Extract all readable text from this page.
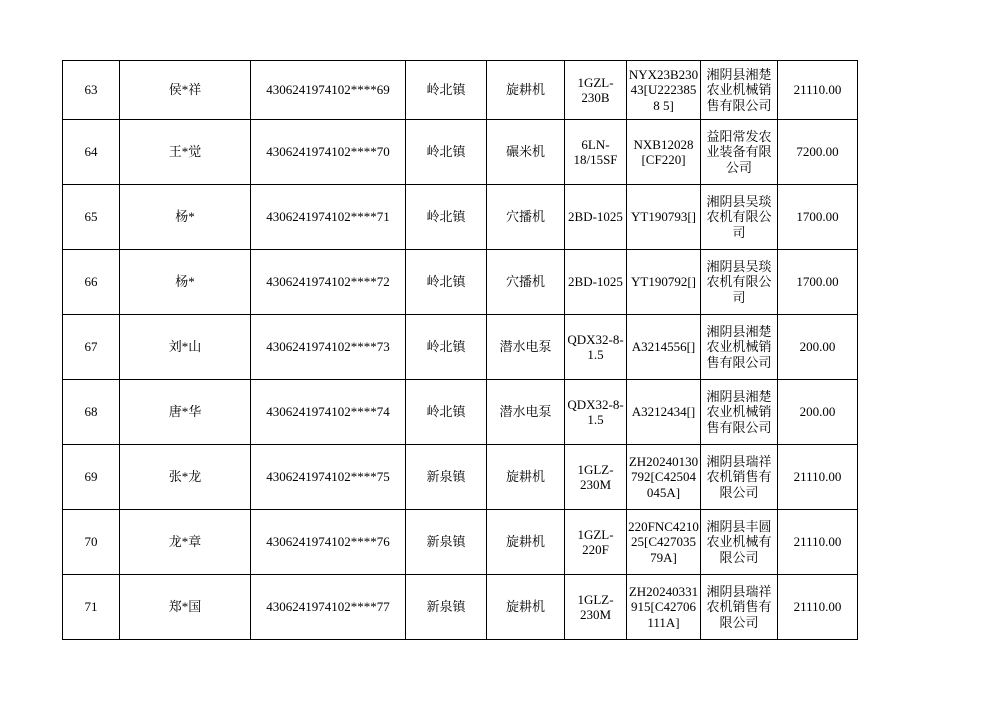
63	侯*祥	4306241974102****69	岭北镇	旋耕机	1GZL-230B	NYX23B23043[U2223858 5]	湘阴县湘楚农业机械销售有限公司	21110.00
64	王*觉	4306241974102****70	岭北镇	碾米机	6LN-18/15SF	NXB12028[CF220]	益阳常发农业装备有限公司	7200.00
65	杨*	4306241974102****71	岭北镇	穴播机	2BD-1025	YT190793[]	湘阴县吴琰农机有限公司	1700.00
66	杨*	4306241974102****72	岭北镇	穴播机	2BD-1025	YT190792[]	湘阴县吴琰农机有限公司	1700.00
67	刘*山	4306241974102****73	岭北镇	潜水电泵	QDX32-8-1.5	A3214556[]	湘阴县湘楚农业机械销售有限公司	200.00
68	唐*华	4306241974102****74	岭北镇	潜水电泵	QDX32-8-1.5	A3212434[]	湘阴县湘楚农业机械销售有限公司	200.00
69	张*龙	4306241974102****75	新泉镇	旋耕机	1GLZ-230M	ZH20240130792[C42504045A]	湘阴县瑞祥农机销售有限公司	21110.00
70	龙*章	4306241974102****76	新泉镇	旋耕机	1GZL-220F	220FNC421025[C427035 79A]	湘阴县丰圆农业机械有限公司	21110.00
71	郑*国	4306241974102****77	新泉镇	旋耕机	1GLZ-230M	ZH20240331915[C42706111A]	湘阴县瑞祥农机销售有限公司	21110.00
